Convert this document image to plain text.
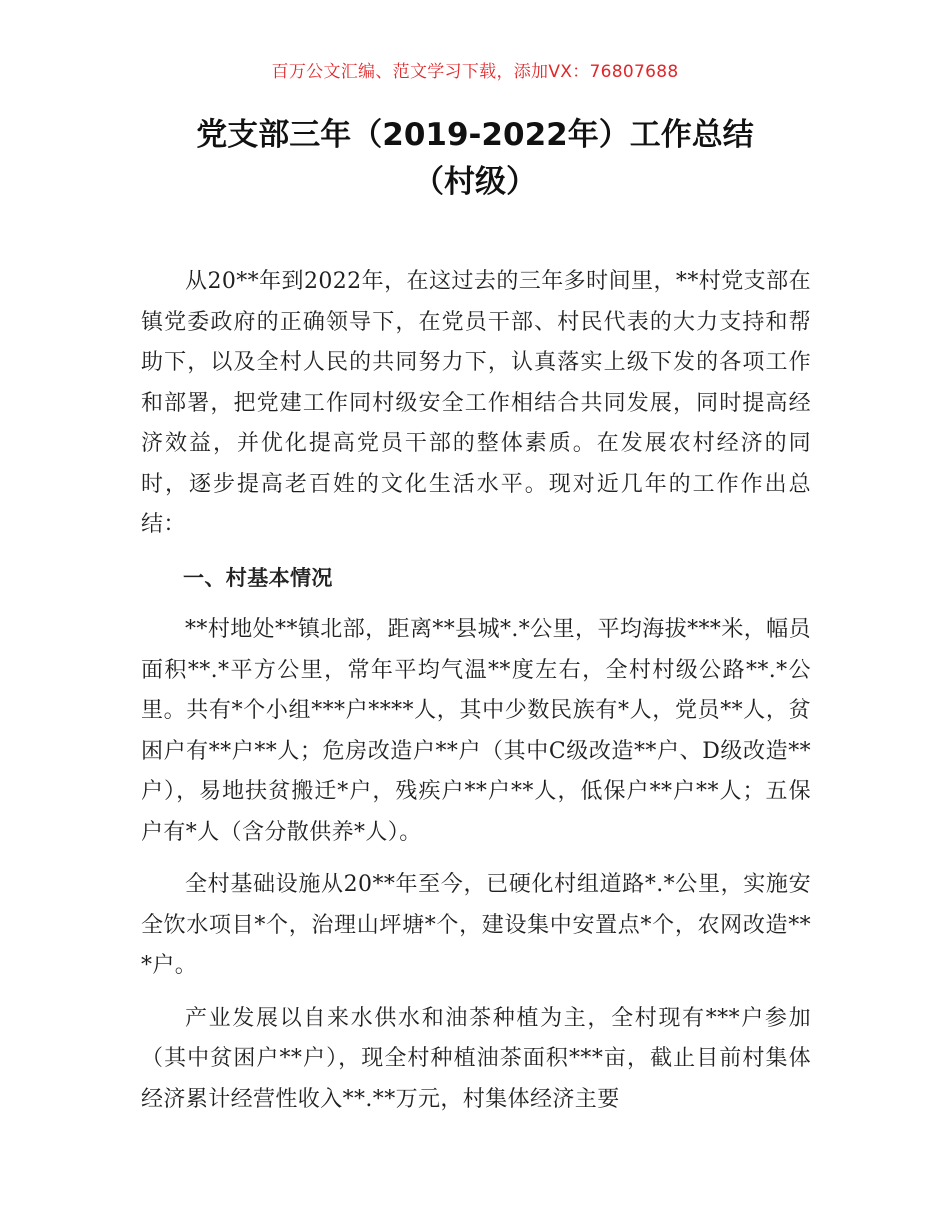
百万公文汇编、范文学习下载，添加VX：76807688
党支部三年（2019-2022年）工作总结
（村级）

从20**年到2022年，在这过去的三年多时间里，**村党支部在镇党委政府的正确领导下，在党员干部、村民代表的大力支持和帮助下，以及全村人民的共同努力下，认真落实上级下发的各项工作和部署，把党建工作同村级安全工作相结合共同发展，同时提高经济效益，并优化提高党员干部的整体素质。在发展农村经济的同时，逐步提高老百姓的文化生活水平。现对近几年的工作作出总结：

一、村基本情况

**村地处**镇北部，距离**县城*.*公里，平均海拔***米，幅员面积**.*平方公里，常年平均气温**度左右，全村村级公路**.*公里。共有*个小组***户****人，其中少数民族有*人，党员**人，贫困户有**户**人；危房改造户**户（其中C级改造**户、D级改造**户），易地扶贫搬迁*户，残疾户**户**人，低保户**户**人；五保户有*人（含分散供养*人）。

全村基础设施从20**年至今，已硬化村组道路*.*公里，实施安全饮水项目*个，治理山坪塘*个，建设集中安置点*个，农网改造***户。

产业发展以自来水供水和油茶种植为主，全村现有***户参加（其中贫困户**户），现全村种植油茶面积***亩，截止目前村集体经济累计经营性收入**.**万元，村集体经济主要
